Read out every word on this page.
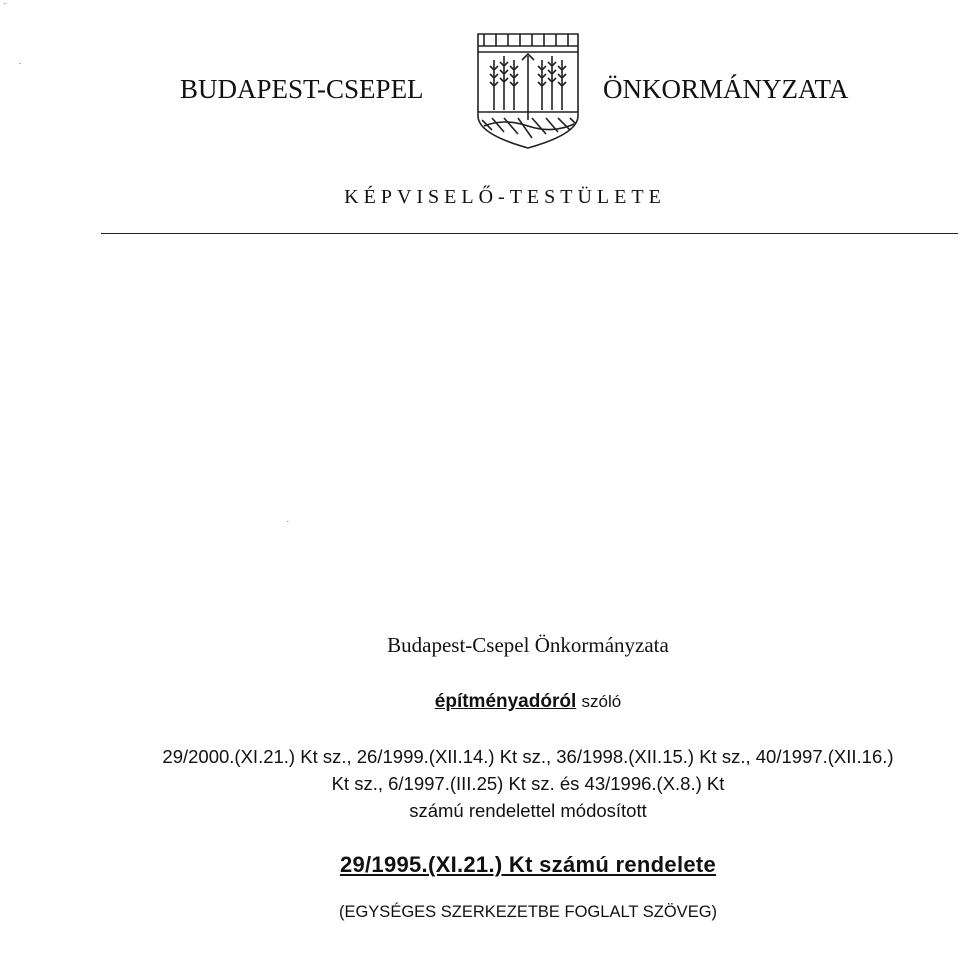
BUDAPEST-CSEPEL	ÖNKORMÁNYZATA
KÉPVISELŐ-TESTÜLETE
·
·
·
Budapest-Csepel Önkormányzata
építményadóról szóló
29/2000.(XI.21.) Kt sz., 26/1999.(XII.14.) Kt sz., 36/1998.(XII.15.) Kt sz., 40/1997.(XII.16.)
Kt sz., 6/1997.(III.25) Kt sz. és 43/1996.(X.8.) Kt
számú rendelettel módosított
29/1995.(XI.21.) Kt számú rendelete
(EGYSÉGES SZERKEZETBE FOGLALT SZÖVEG)
